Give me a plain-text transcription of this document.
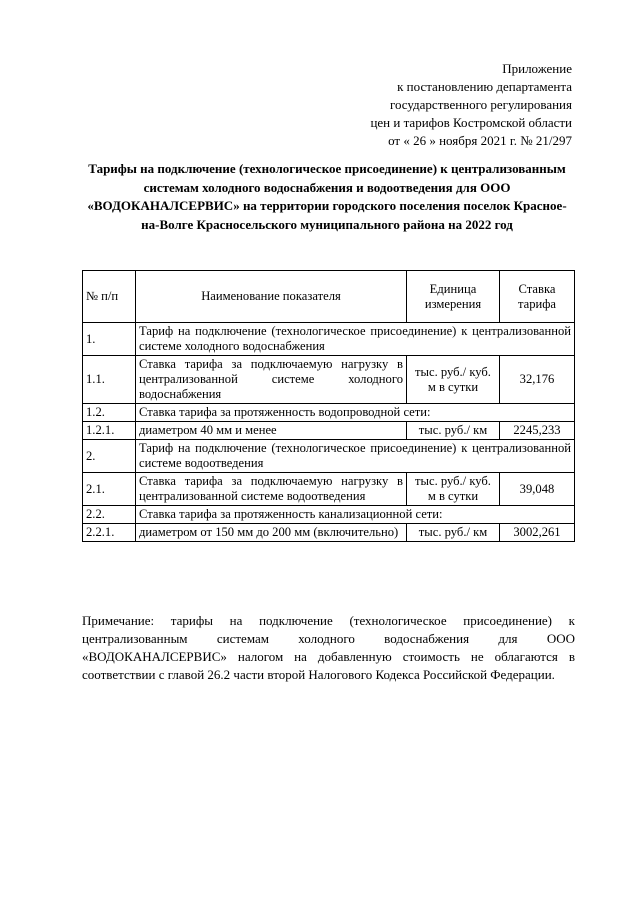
Приложение
к постановлению департамента
государственного регулирования
цен и тарифов Костромской области
от « 26 » ноября 2021 г. № 21/297
Тарифы на подключение (технологическое присоединение) к централизованным системам холодного водоснабжения и водоотведения для ООО «ВОДОКАНАЛСЕРВИС» на территории городского поселения поселок Красное-на-Волге Красносельского муниципального района на 2022 год
№ п/п	Наименование показателя	Единица измерения	Ставка тарифа
1.	Тариф на подключение (технологическое присоединение) к централизованной системе холодного водоснабжения		
1.1.	Ставка тарифа за подключаемую нагрузку в централизованной системе холодного водоснабжения	тыс. руб./ куб. м в сутки	32,176
1.2.	Ставка тарифа за протяженность водопроводной сети:		
1.2.1.	диаметром 40 мм и менее	тыс. руб./ км	2245,233
2.	Тариф на подключение (технологическое присоединение) к централизованной системе водоотведения		
2.1.	Ставка тарифа за подключаемую нагрузку в централизованной системе водоотведения	тыс. руб./ куб. м в сутки	39,048
2.2.	Ставка тарифа за протяженность канализационной сети:		
2.2.1.	диаметром от 150 мм до 200 мм (включительно)	тыс. руб./ км	3002,261
Примечание: тарифы на подключение (технологическое присоединение) к централизованным системам холодного водоснабжения для ООО «ВОДОКАНАЛСЕРВИС» налогом на добавленную стоимость не облагаются в соответствии с главой 26.2 части второй Налогового Кодекса Российской Федерации.
